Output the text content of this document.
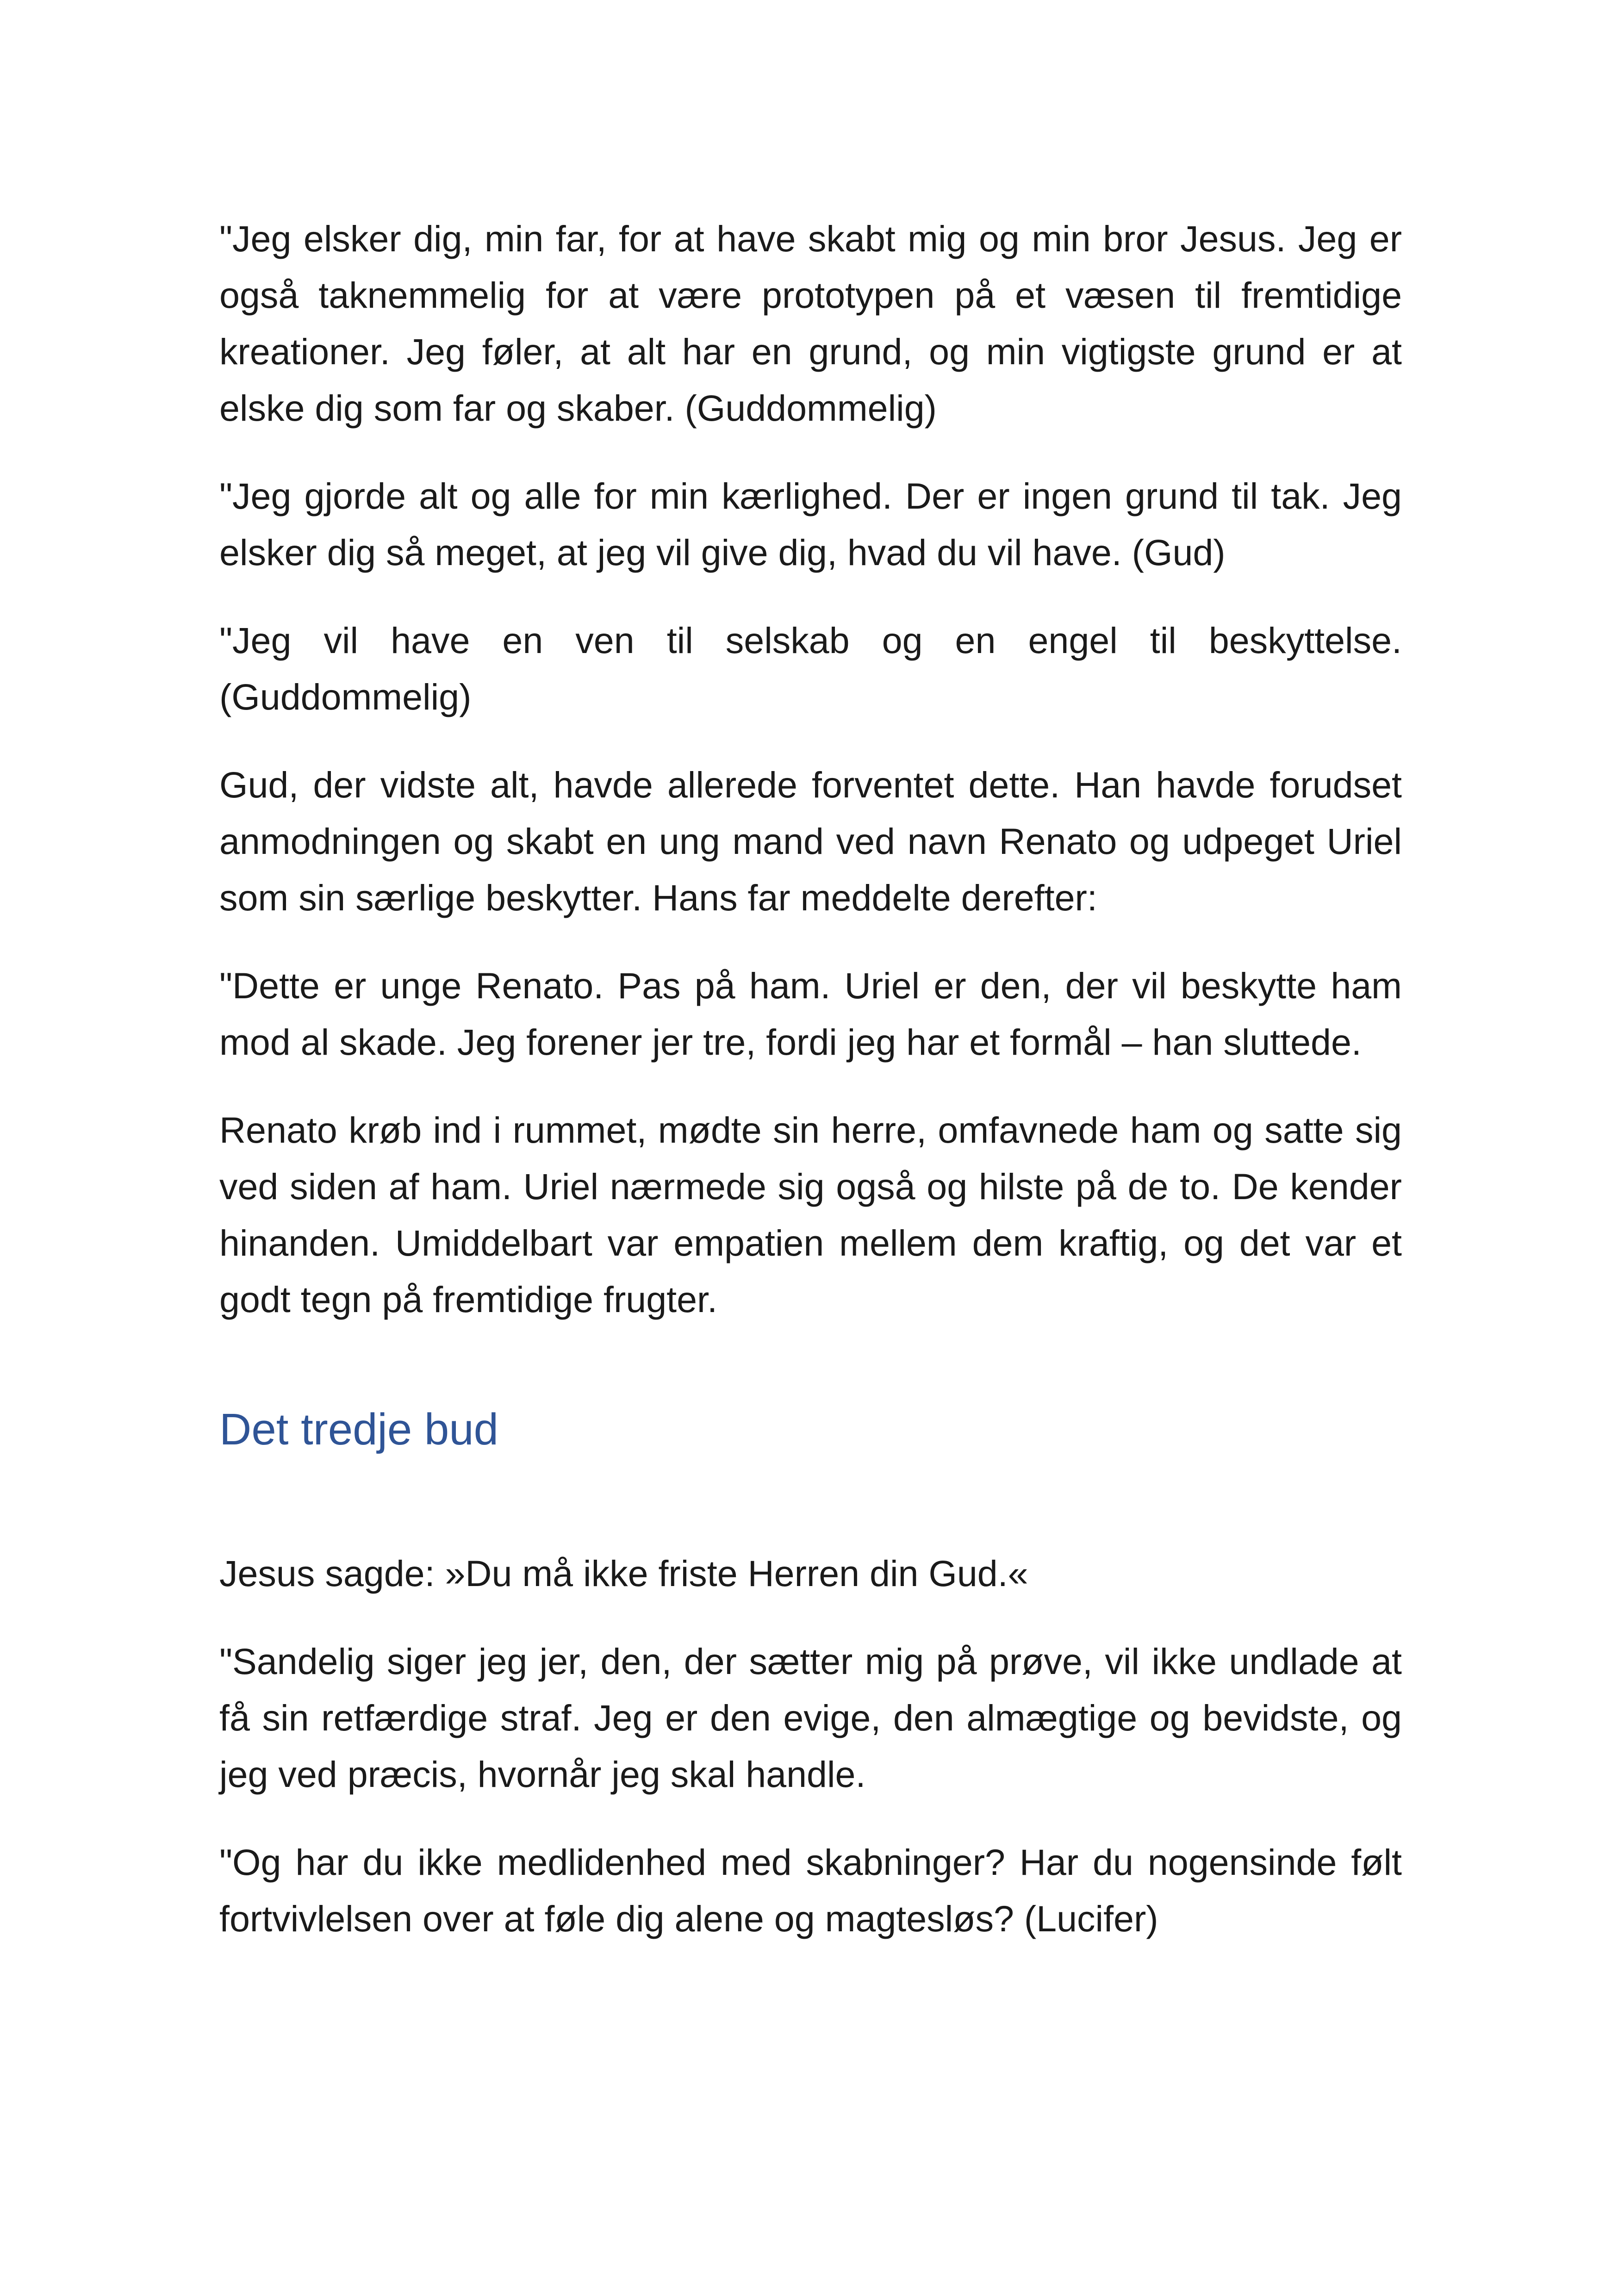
"Jeg elsker dig, min far, for at have skabt mig og min bror Jesus. Jeg er også taknemmelig for at være prototypen på et væsen til fremtidige kreationer. Jeg føler, at alt har en grund, og min vigtigste grund er at elske dig som far og skaber. (Guddommelig)

"Jeg gjorde alt og alle for min kærlighed. Der er ingen grund til tak. Jeg elsker dig så meget, at jeg vil give dig, hvad du vil have. (Gud)

"Jeg vil have en ven til selskab og en engel til beskyttelse. (Guddommelig)

Gud, der vidste alt, havde allerede forventet dette. Han havde forudset anmodningen og skabt en ung mand ved navn Renato og udpeget Uriel som sin særlige beskytter. Hans far meddelte derefter:

"Dette er unge Renato. Pas på ham. Uriel er den, der vil beskytte ham mod al skade. Jeg forener jer tre, fordi jeg har et formål – han sluttede.

Renato krøb ind i rummet, mødte sin herre, omfavnede ham og satte sig ved siden af ham. Uriel nærmede sig også og hilste på de to. De kender hinanden. Umiddelbart var empatien mellem dem kraftig, og det var et godt tegn på fremtidige frugter.

Det tredje bud

Jesus sagde: »Du må ikke friste Herren din Gud.«

"Sandelig siger jeg jer, den, der sætter mig på prøve, vil ikke undlade at få sin retfærdige straf. Jeg er den evige, den almægtige og bevidste, og jeg ved præcis, hvornår jeg skal handle.

"Og har du ikke medlidenhed med skabninger? Har du nogensinde følt fortvivlelsen over at føle dig alene og magtesløs? (Lucifer)
